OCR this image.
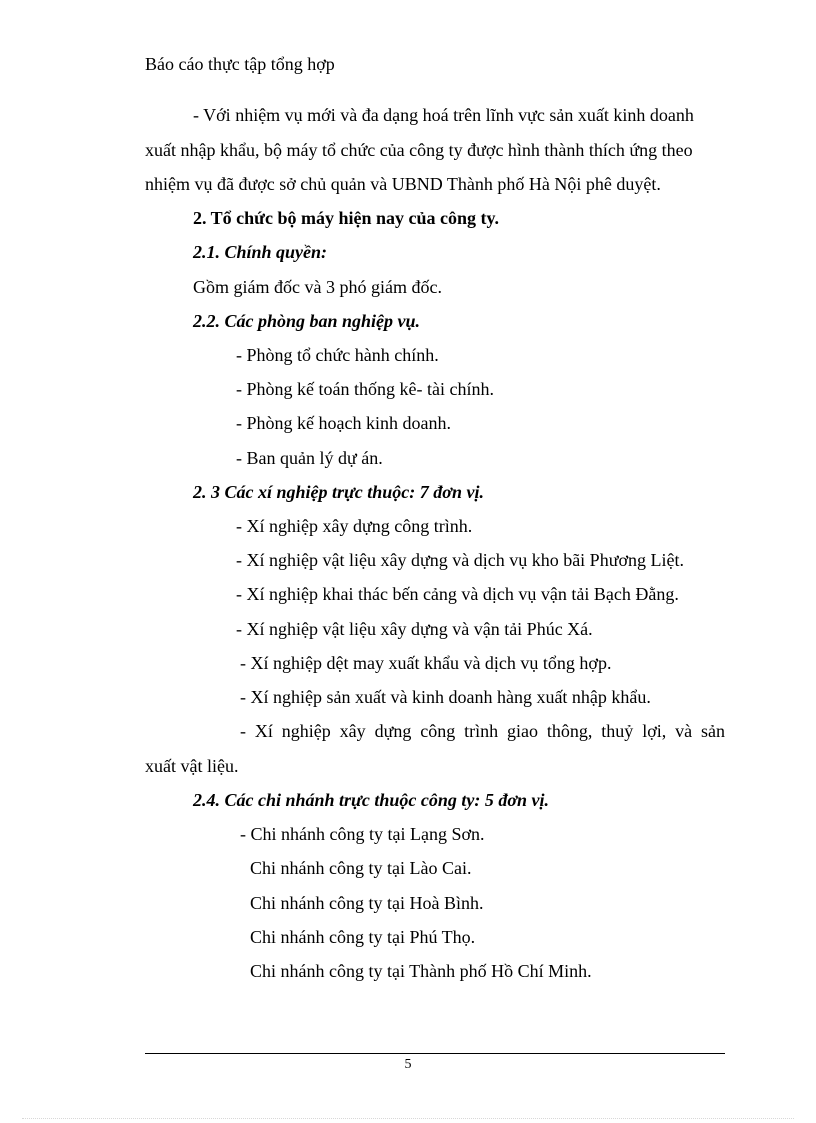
Báo cáo thực tập tổng hợp
- Với nhiệm vụ mới và đa dạng hoá trên lĩnh vực sản xuất kinh doanh
xuất nhập khẩu, bộ máy tổ chức của công ty được hình thành thích ứng theo
nhiệm vụ đã được sở chủ quản và UBND Thành phố Hà Nội phê duyệt.
2. Tổ chức bộ máy hiện nay của công ty.
2.1. Chính quyền:
Gồm giám đốc và 3 phó giám đốc.
2.2. Các phòng ban nghiệp vụ.
- Phòng tổ chức hành chính.
- Phòng kế toán thống kê- tài chính.
- Phòng kế hoạch kinh doanh.
- Ban quản lý dự án.
2. 3 Các xí nghiệp trực thuộc: 7 đơn vị.
- Xí nghiệp xây dựng công trình.
- Xí nghiệp vật liệu xây dựng và dịch vụ kho bãi Phương Liệt.
- Xí nghiệp khai thác bến cảng và dịch vụ vận tải Bạch Đằng.
- Xí nghiệp vật liệu xây dựng và vận tải Phúc Xá.
- Xí nghiệp dệt may xuất khẩu và dịch vụ tổng hợp.
- Xí nghiệp sản xuất và kinh doanh hàng xuất nhập khẩu.
- Xí nghiệp xây dựng công trình giao thông, thuỷ lợi, và sản
xuất vật liệu.
2.4. Các chi nhánh trực thuộc công ty: 5 đơn vị.
- Chi nhánh công ty tại Lạng Sơn.
Chi nhánh công ty tại Lào Cai.
Chi nhánh công ty tại Hoà Bình.
Chi nhánh công ty tại Phú Thọ.
Chi nhánh công ty tại Thành phố Hồ Chí Minh.
5
